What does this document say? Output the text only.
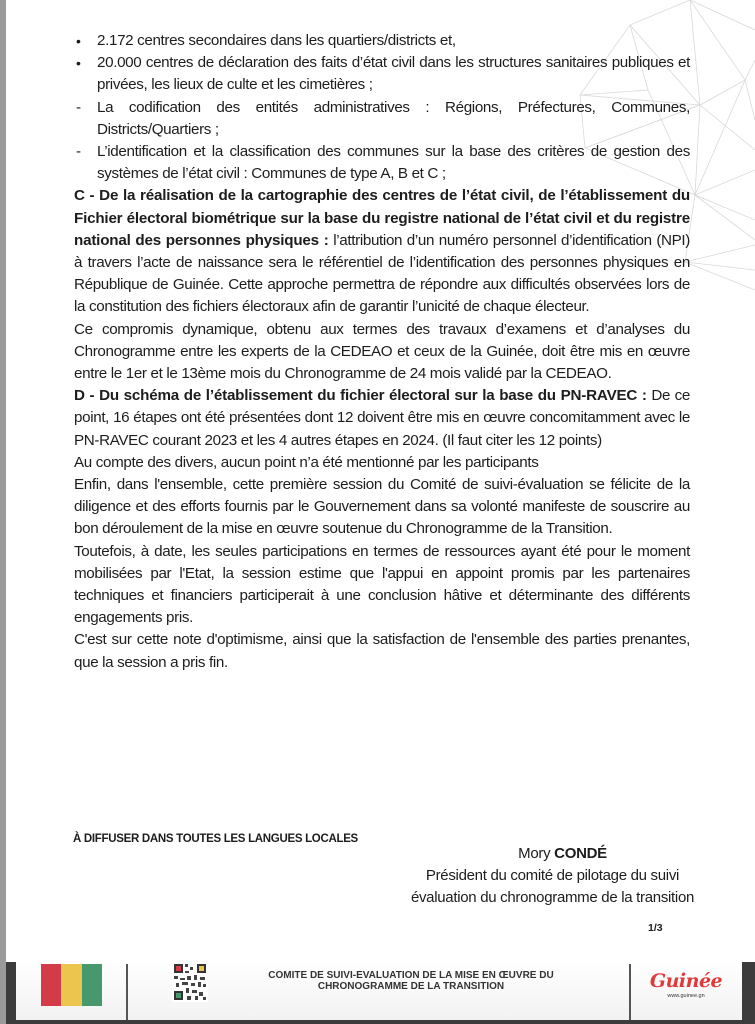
• 2.172 centres secondaires dans les quartiers/districts et,
• 20.000 centres de déclaration des faits d’état civil dans les structures sanitaires publiques et privées, les lieux de culte et les cimetières ;
- La codification des entités administratives : Régions, Préfectures, Communes, Districts/Quartiers ;
- L’identification et la classification des communes sur la base des critères de gestion des systèmes de l’état civil : Communes de type A, B et C ;

C - De la réalisation de la cartographie des centres de l’état civil, de l’établissement du Fichier électoral biométrique sur la base du registre national de l’état civil et du registre national des personnes physiques : l’attribution d’un numéro personnel d’identification (NPI) à travers l’acte de naissance sera le référentiel de l’identification des personnes physiques en République de Guinée. Cette approche permettra de répondre aux difficultés observées lors de la constitution des fichiers électoraux afin de garantir l’unicité de chaque électeur.

Ce compromis dynamique, obtenu aux termes des travaux d’examens et d’analyses du Chronogramme entre les experts de la CEDEAO et ceux de la Guinée, doit être mis en œuvre entre le 1er et le 13ème mois du Chronogramme de 24 mois validé par la CEDEAO.

D - Du schéma de l’établissement du fichier électoral sur la base du PN-RAVEC : De ce point, 16 étapes ont été présentées dont 12 doivent être mis en œuvre concomitamment avec le PN-RAVEC courant 2023 et les 4 autres étapes en 2024. (Il faut citer les 12 points)

Au compte des divers, aucun point n’a été mentionné par les participants

Enfin, dans l'ensemble, cette première session du Comité de suivi-évaluation se félicite de la diligence et des efforts fournis par le Gouvernement dans sa volonté manifeste de souscrire au bon déroulement de la mise en œuvre soutenue du Chronogramme de la Transition.

Toutefois, à date, les seules participations en termes de ressources ayant été pour le moment mobilisées par l'Etat, la session estime que l'appui en appoint promis par les partenaires techniques et financiers participerait à une conclusion hâtive et déterminante des différents engagements pris.

C'est sur cette note d'optimisme, ainsi que la satisfaction de l'ensemble des parties prenantes, que la session a pris fin.

À DIFFUSER DANS TOUTES LES LANGUES LOCALES
Mory CONDÉ
Président du comité de pilotage du suivi
évaluation du chronogramme de la transition
1/3
COMITE DE SUIVI-EVALUATION DE LA MISE EN ŒUVRE DU
CHRONOGRAMME DE LA TRANSITION	Guinée
www.guinee.gn
